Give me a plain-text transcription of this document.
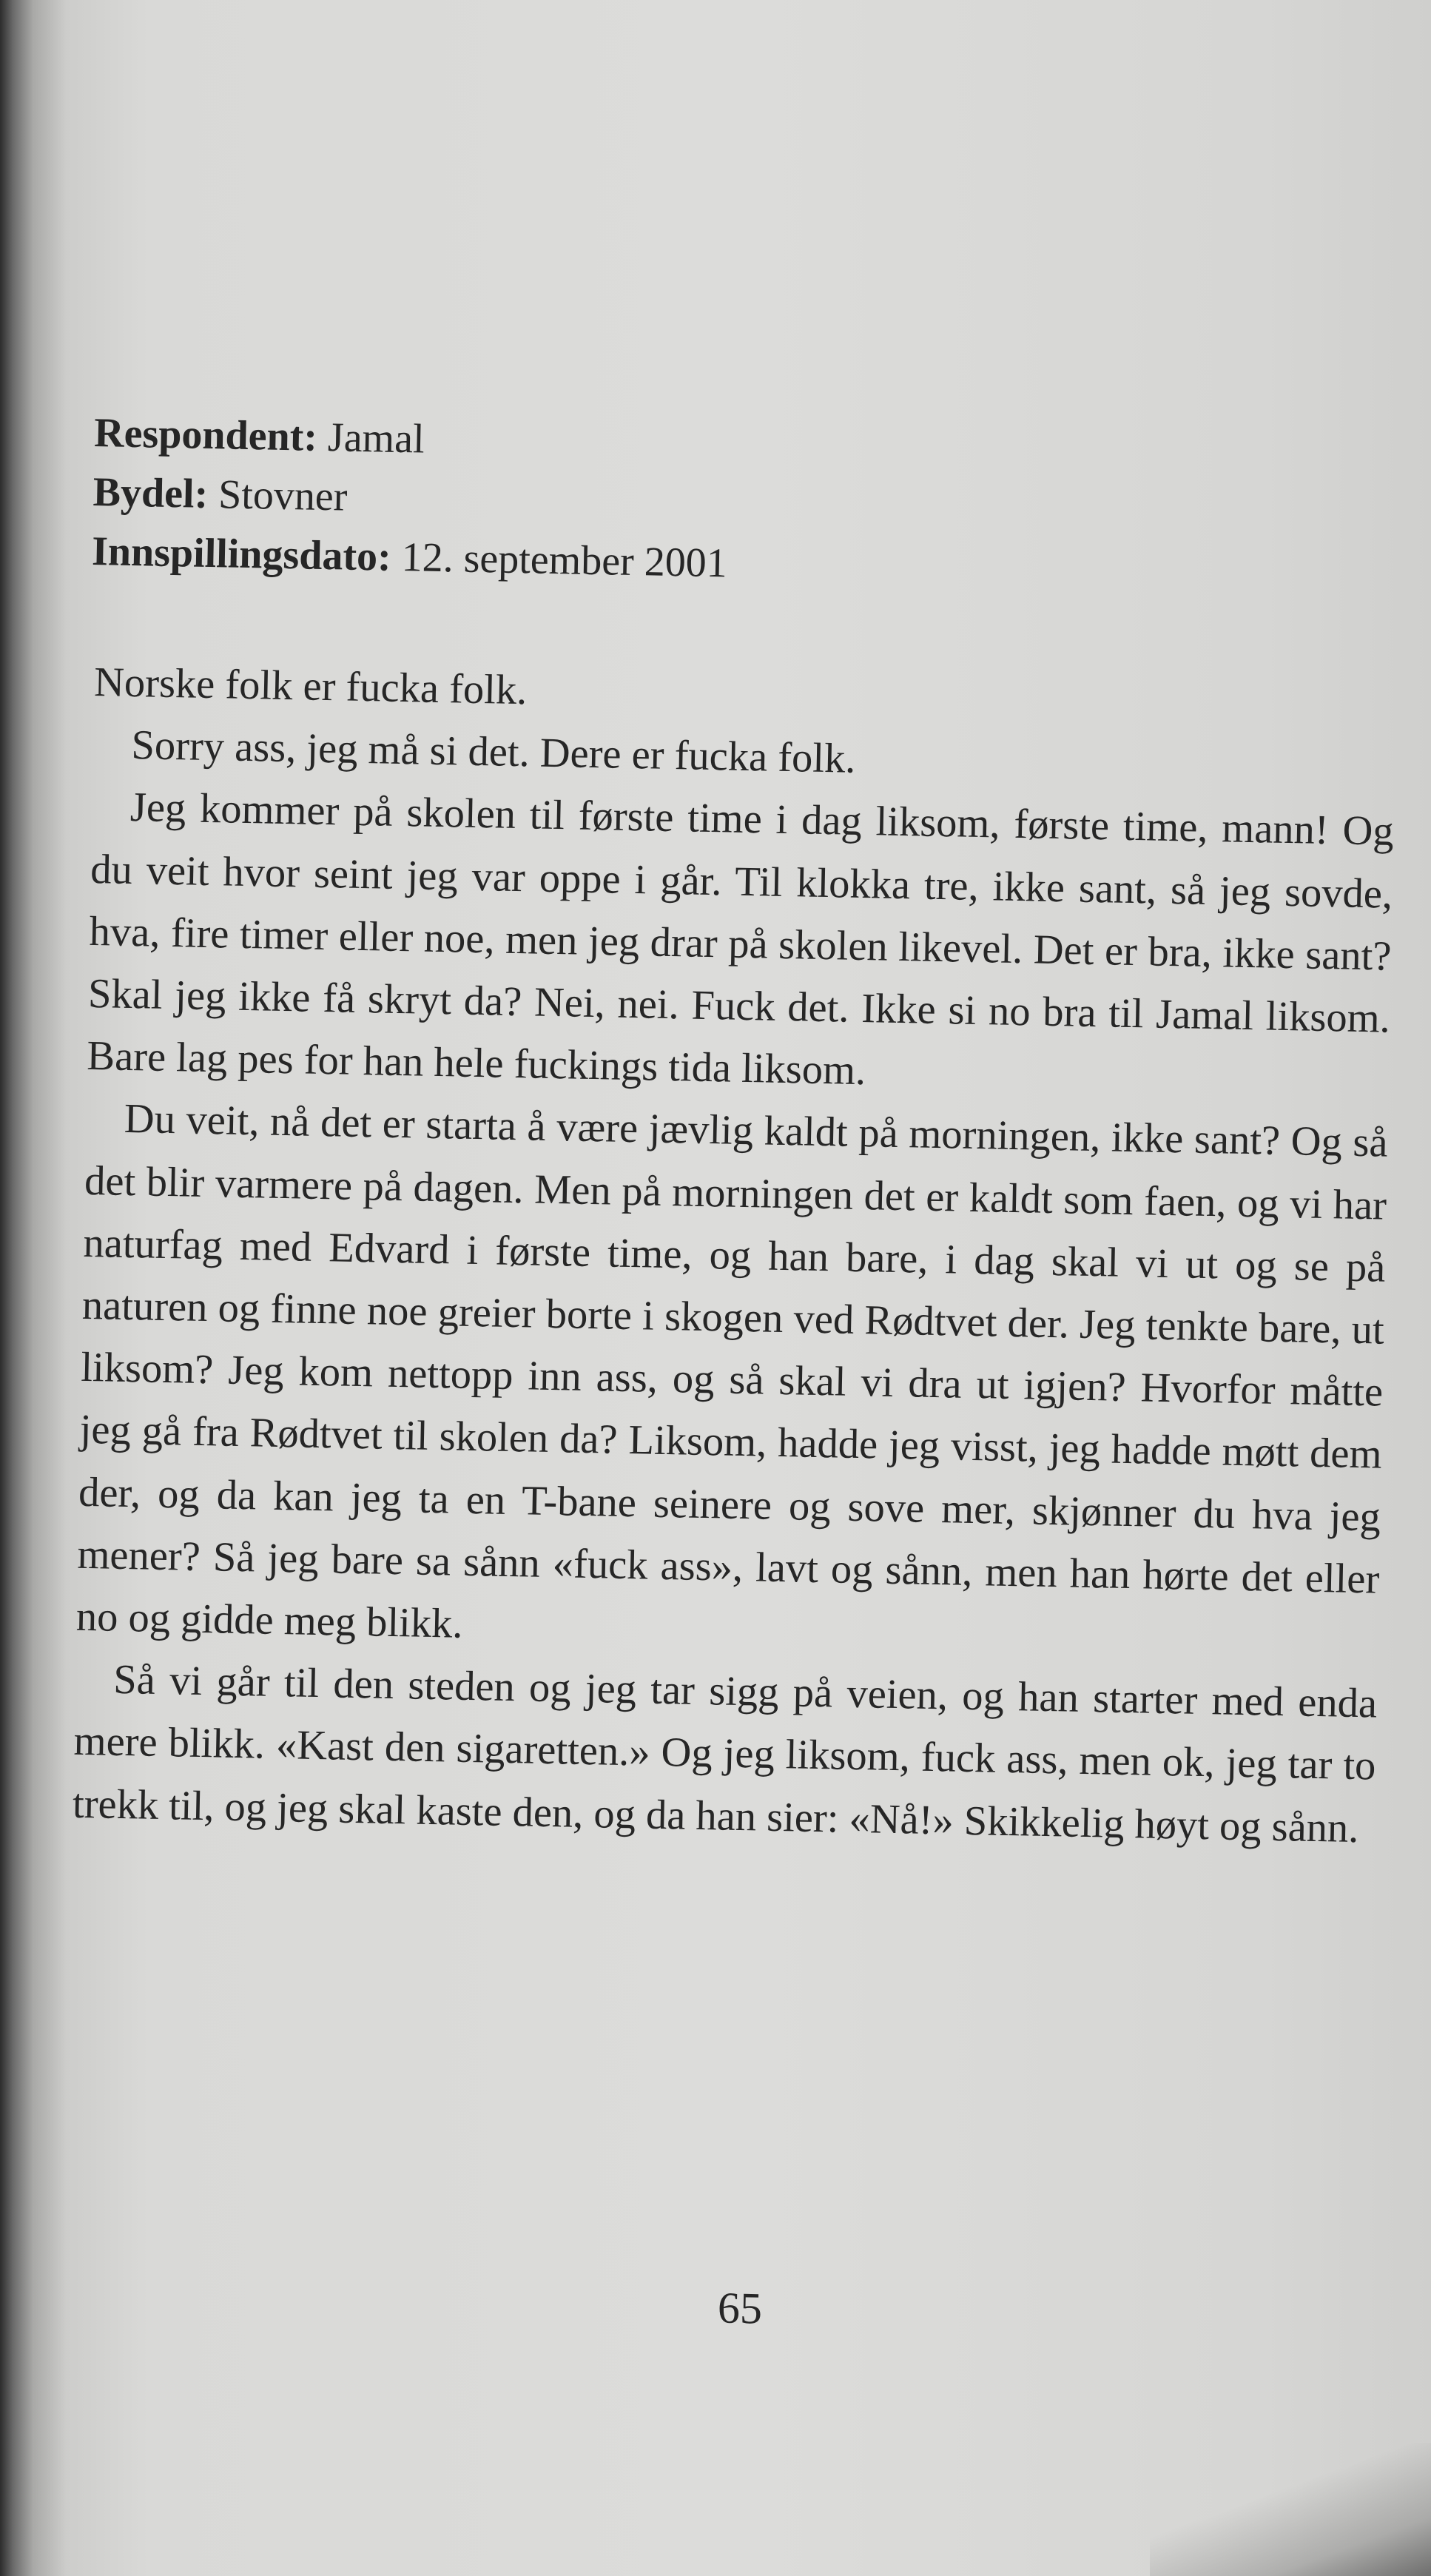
Respondent: Jamal
Bydel: Stovner
Innspillingsdato: 12. september 2001

Norske folk er fucka folk.

Sorry ass, jeg må si det. Dere er fucka folk.

Jeg kommer på skolen til første time i dag liksom, første time, mann! Og du veit hvor seint jeg var oppe i går. Til klokka tre, ikke sant, så jeg sovde, hva, fire timer eller noe, men jeg drar på skolen likevel. Det er bra, ikke sant? Skal jeg ikke få skryt da? Nei, nei. Fuck det. Ikke si no bra til Jamal liksom. Bare lag pes for han hele fuckings tida liksom.

Du veit, nå det er starta å være jævlig kaldt på morningen, ikke sant? Og så det blir varmere på dagen. Men på morningen det er kaldt som faen, og vi har naturfag med Edvard i første time, og han bare, i dag skal vi ut og se på naturen og finne noe greier borte i skogen ved Rødtvet der. Jeg tenkte bare, ut liksom? Jeg kom nettopp inn ass, og så skal vi dra ut igjen? Hvorfor måtte jeg gå fra Rødtvet til skolen da? Liksom, hadde jeg visst, jeg hadde møtt dem der, og da kan jeg ta en T-bane seinere og sove mer, skjønner du hva jeg mener? Så jeg bare sa sånn «fuck ass», lavt og sånn, men han hørte det eller no og gidde meg blikk.

Så vi går til den steden og jeg tar sigg på veien, og han starter med enda mere blikk. «Kast den sigaretten.» Og jeg liksom, fuck ass, men ok, jeg tar to trekk til, og jeg skal kaste den, og da han sier: «Nå!» Skikkelig høyt og sånn.

65
